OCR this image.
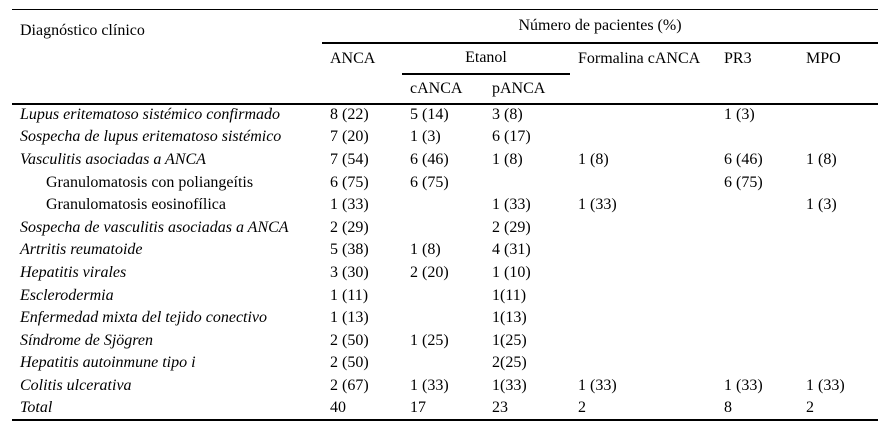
Diagnóstico clínico	Número de pacientes (%)					
	ANCA	Etanol		Formalina cANCA	PR3	MPO
		cANCA	pANCA			
Lupus eritematoso sistémico confirmado	8 (22)	5 (14)	3 (8)		1 (3)	
Sospecha de lupus eritematoso sistémico	7 (20)	1 (3)	6 (17)			
Vasculitis asociadas a ANCA	7 (54)	6 (46)	1 (8)	1 (8)	6 (46)	1 (8)
Granulomatosis con poliangeítis	6 (75)	6 (75)			6 (75)	
Granulomatosis eosinofílica	1 (33)		1 (33)	1 (33)		1 (3)
Sospecha de vasculitis asociadas a ANCA	2 (29)		2 (29)			
Artritis reumatoide	5 (38)	1 (8)	4 (31)			
Hepatitis virales	3 (30)	2 (20)	1 (10)			
Esclerodermia	1 (11)		1(11)			
Enfermedad mixta del tejido conectivo	1 (13)		1(13)			
Síndrome de Sjögren	2 (50)	1 (25)	1(25)			
Hepatitis autoinmune tipo i	2 (50)		2(25)			
Colitis ulcerativa	2 (67)	1 (33)	1(33)	1 (33)	1 (33)	1 (33)
Total	40	17	23	2	8	2
